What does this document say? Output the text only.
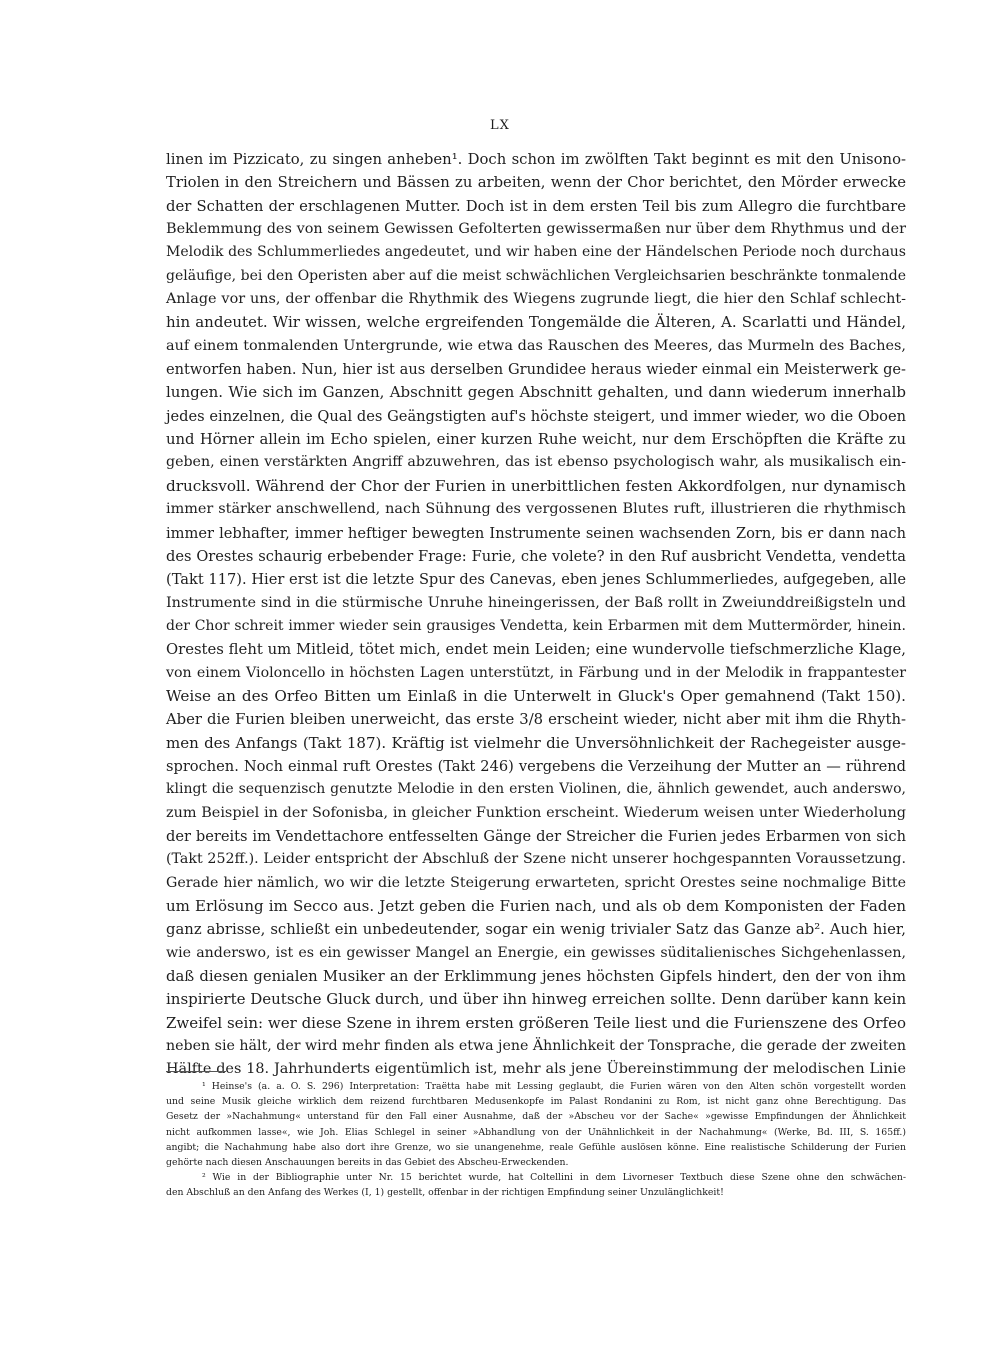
LX
linen im Pizzicato, zu singen anheben¹. Doch schon im zwölften Takt beginnt es mit den Unisono-
Triolen in den Streichern und Bässen zu arbeiten, wenn der Chor berichtet, den Mörder erwecke
der Schatten der erschlagenen Mutter. Doch ist in dem ersten Teil bis zum Allegro die furchtbare
Beklemmung des von seinem Gewissen Gefolterten gewissermaßen nur über dem Rhythmus und der
Melodik des Schlummerliedes angedeutet, und wir haben eine der Händelschen Periode noch durchaus
geläufige, bei den Operisten aber auf die meist schwächlichen Vergleichsarien beschränkte tonmalende
Anlage vor uns, der offenbar die Rhythmik des Wiegens zugrunde liegt, die hier den Schlaf schlecht-
hin andeutet. Wir wissen, welche ergreifenden Tongemälde die Älteren, A. Scarlatti und Händel,
auf einem tonmalenden Untergrunde, wie etwa das Rauschen des Meeres, das Murmeln des Baches,
entworfen haben. Nun, hier ist aus derselben Grundidee heraus wieder einmal ein Meisterwerk ge-
lungen. Wie sich im Ganzen, Abschnitt gegen Abschnitt gehalten, und dann wiederum innerhalb
jedes einzelnen, die Qual des Geängstigten auf's höchste steigert, und immer wieder, wo die Oboen
und Hörner allein im Echo spielen, einer kurzen Ruhe weicht, nur dem Erschöpften die Kräfte zu
geben, einen verstärkten Angriff abzuwehren, das ist ebenso psychologisch wahr, als musikalisch ein-
drucksvoll. Während der Chor der Furien in unerbittlichen festen Akkordfolgen, nur dynamisch
immer stärker anschwellend, nach Sühnung des vergossenen Blutes ruft, illustrieren die rhythmisch
immer lebhafter, immer heftiger bewegten Instrumente seinen wachsenden Zorn, bis er dann nach
des Orestes schaurig erbebender Frage: Furie, che volete? in den Ruf ausbricht Vendetta, vendetta
(Takt 117). Hier erst ist die letzte Spur des Canevas, eben jenes Schlummerliedes, aufgegeben, alle
Instrumente sind in die stürmische Unruhe hineingerissen, der Baß rollt in Zweiunddreißigsteln und
der Chor schreit immer wieder sein grausiges Vendetta, kein Erbarmen mit dem Muttermörder, hinein.
Orestes fleht um Mitleid, tötet mich, endet mein Leiden; eine wundervolle tiefschmerzliche Klage,
von einem Violoncello in höchsten Lagen unterstützt, in Färbung und in der Melodik in frappantester
Weise an des Orfeo Bitten um Einlaß in die Unterwelt in Gluck's Oper gemahnend (Takt 150).
Aber die Furien bleiben unerweicht, das erste 3/8 erscheint wieder, nicht aber mit ihm die Rhyth-
men des Anfangs (Takt 187). Kräftig ist vielmehr die Unversöhnlichkeit der Rachegeister ausge-
sprochen. Noch einmal ruft Orestes (Takt 246) vergebens die Verzeihung der Mutter an — rührend
klingt die sequenzisch genutzte Melodie in den ersten Violinen, die, ähnlich gewendet, auch anderswo,
zum Beispiel in der Sofonisba, in gleicher Funktion erscheint. Wiederum weisen unter Wiederholung
der bereits im Vendettachore entfesselten Gänge der Streicher die Furien jedes Erbarmen von sich
(Takt 252ff.). Leider entspricht der Abschluß der Szene nicht unserer hochgespannten Voraussetzung.
Gerade hier nämlich, wo wir die letzte Steigerung erwarteten, spricht Orestes seine nochmalige Bitte
um Erlösung im Secco aus. Jetzt geben die Furien nach, und als ob dem Komponisten der Faden
ganz abrisse, schließt ein unbedeutender, sogar ein wenig trivialer Satz das Ganze ab². Auch hier,
wie anderswo, ist es ein gewisser Mangel an Energie, ein gewisses süditalienisches Sichgehenlassen,
daß diesen genialen Musiker an der Erklimmung jenes höchsten Gipfels hindert, den der von ihm
inspirierte Deutsche Gluck durch, und über ihn hinweg erreichen sollte. Denn darüber kann kein
Zweifel sein: wer diese Szene in ihrem ersten größeren Teile liest und die Furienszene des Orfeo
neben sie hält, der wird mehr finden als etwa jene Ähnlichkeit der Tonsprache, die gerade der zweiten
Hälfte des 18. Jahrhunderts eigentümlich ist, mehr als jene Übereinstimmung der melodischen Linie
¹ Heinse's (a. a. O. S. 296) Interpretation: Traëtta habe mit Lessing geglaubt, die Furien wären von den Alten schön vorgestellt worden
und seine Musik gleiche wirklich dem reizend furchtbaren Medusenkopfe im Palast Rondanini zu Rom, ist nicht ganz ohne Berechtigung. Das
Gesetz der »Nachahmung« unterstand für den Fall einer Ausnahme, daß der »Abscheu vor der Sache« »gewisse Empfindungen der Ähnlichkeit
nicht aufkommen lasse«, wie Joh. Elias Schlegel in seiner »Abhandlung von der Unähnlichkeit in der Nachahmung« (Werke, Bd. III, S. 165ff.)
angibt; die Nachahmung habe also dort ihre Grenze, wo sie unangenehme, reale Gefühle auslösen könne. Eine realistische Schilderung der Furien
gehörte nach diesen Anschauungen bereits in das Gebiet des Abscheu-Erweckenden.
² Wie in der Bibliographie unter Nr. 15 berichtet wurde, hat Coltellini in dem Livorneser Textbuch diese Szene ohne den schwächen-
den Abschluß an den Anfang des Werkes (I, 1) gestellt, offenbar in der richtigen Empfindung seiner Unzulänglichkeit!
